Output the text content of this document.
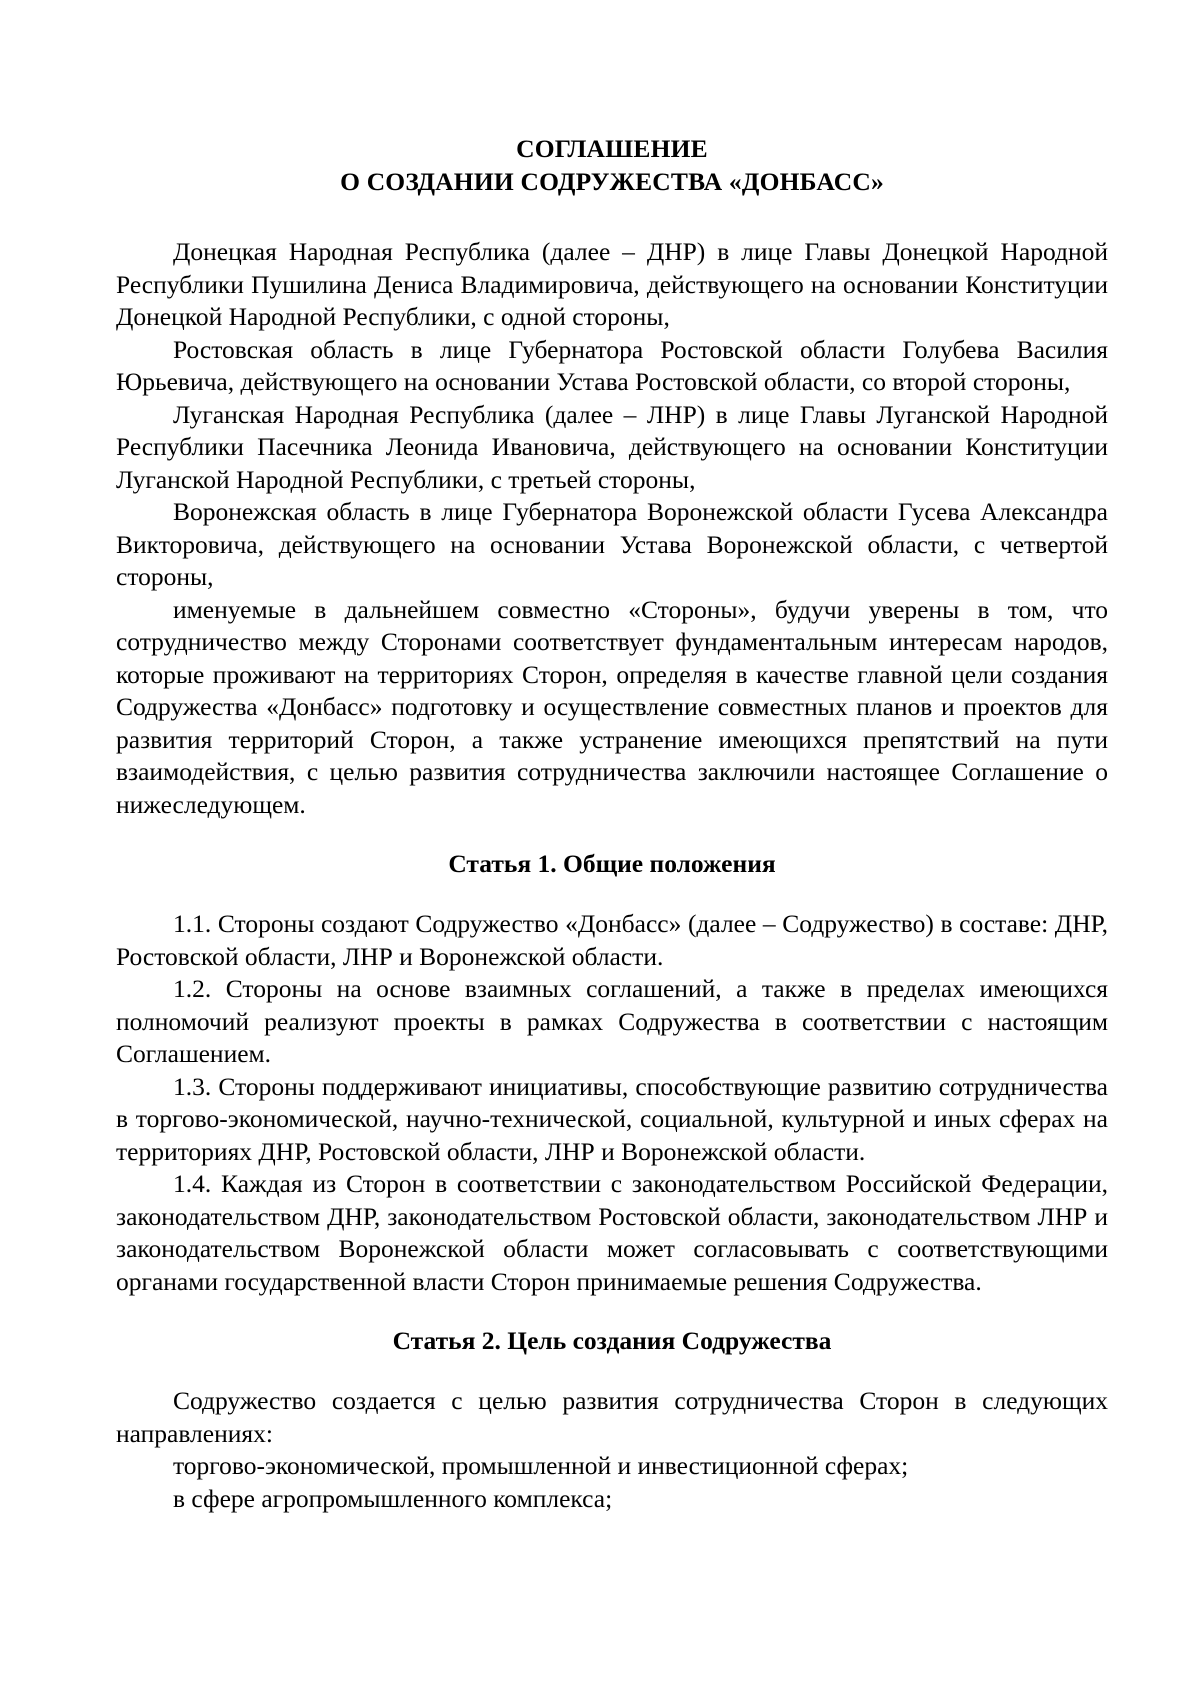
СОГЛАШЕНИЕ

О СОЗДАНИИ СОДРУЖЕСТВА «ДОНБАСС»

Донецкая Народная Республика (далее – ДНР) в лице Главы Донецкой Народной Республики Пушилина Дениса Владимировича, действующего на основании Конституции Донецкой Народной Республики, с одной стороны,

Ростовская область в лице Губернатора Ростовской области Голубева Василия Юрьевича, действующего на основании Устава Ростовской области, со второй стороны,

Луганская Народная Республика (далее – ЛНР) в лице Главы Луганской Народной Республики Пасечника Леонида Ивановича, действующего на основании Конституции Луганской Народной Республики, с третьей стороны,

Воронежская область в лице Губернатора Воронежской области Гусева Александра Викторовича, действующего на основании Устава Воронежской области, с четвертой стороны,

именуемые в дальнейшем совместно «Стороны», будучи уверены в том, что сотрудничество между Сторонами соответствует фундаментальным интересам народов, которые проживают на территориях Сторон, определяя в качестве главной цели создания Содружества «Донбасс» подготовку и осуществление совместных планов и проектов для развития территорий Сторон, а также устранение имеющихся препятствий на пути взаимодействия, с целью развития сотрудничества заключили настоящее Соглашение о нижеследующем.

Статья 1. Общие положения

1.1. Стороны создают Содружество «Донбасс» (далее – Содружество) в составе: ДНР, Ростовской области, ЛНР и Воронежской области.

1.2. Стороны на основе взаимных соглашений, а также в пределах имеющихся полномочий реализуют проекты в рамках Содружества в соответствии с настоящим Соглашением.

1.3. Стороны поддерживают инициативы, способствующие развитию сотрудничества в торгово-экономической, научно-технической, социальной, культурной и иных сферах на территориях ДНР, Ростовской области, ЛНР и Воронежской области.

1.4. Каждая из Сторон в соответствии с законодательством Российской Федерации, законодательством ДНР, законодательством Ростовской области, законодательством ЛНР и законодательством Воронежской области может согласовывать с соответствующими органами государственной власти Сторон принимаемые решения Содружества.

Статья 2. Цель создания Содружества

Содружество создается с целью развития сотрудничества Сторон в следующих направлениях:

торгово-экономической, промышленной и инвестиционной сферах;

в сфере агропромышленного комплекса;
